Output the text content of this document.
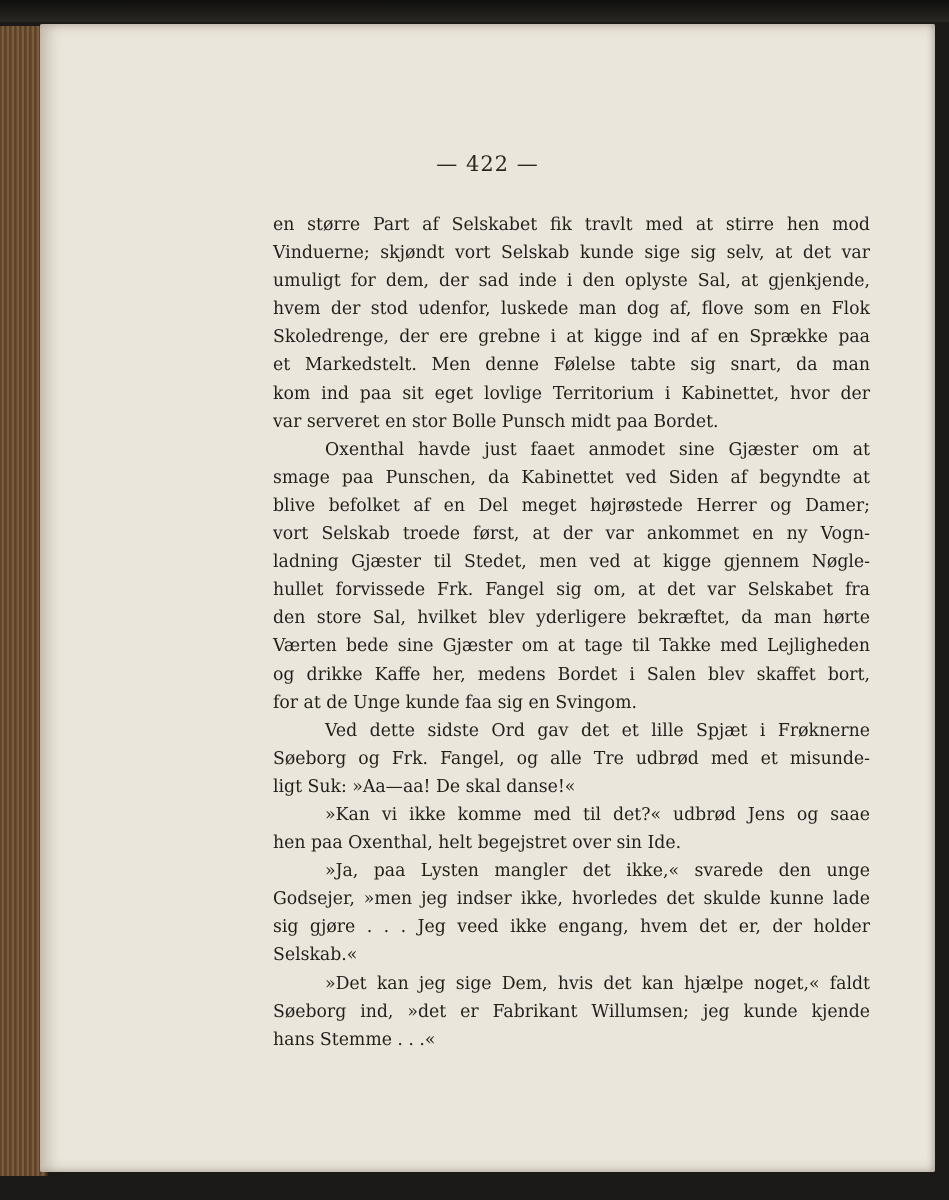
— 422 —
en større Part af Selskabet fik travlt med at stirre hen mod
Vinduerne; skjøndt vort Selskab kunde sige sig selv, at det var
umuligt for dem, der sad inde i den oplyste Sal, at gjenkjende,
hvem der stod udenfor, luskede man dog af, flove som en Flok
Skoledrenge, der ere grebne i at kigge ind af en Sprække paa
et Markedstelt. Men denne Følelse tabte sig snart, da man
kom ind paa sit eget lovlige Territorium i Kabinettet, hvor der
var serveret en stor Bolle Punsch midt paa Bordet.
Oxenthal havde just faaet anmodet sine Gjæster om at
smage paa Punschen, da Kabinettet ved Siden af begyndte at
blive befolket af en Del meget højrøstede Herrer og Damer;
vort Selskab troede først, at der var ankommet en ny Vogn-
ladning Gjæster til Stedet, men ved at kigge gjennem Nøgle-
hullet forvissede Frk. Fangel sig om, at det var Selskabet fra
den store Sal, hvilket blev yderligere bekræftet, da man hørte
Værten bede sine Gjæster om at tage til Takke med Lejligheden
og drikke Kaffe her, medens Bordet i Salen blev skaffet bort,
for at de Unge kunde faa sig en Svingom.
Ved dette sidste Ord gav det et lille Spjæt i Frøknerne
Søeborg og Frk. Fangel, og alle Tre udbrød med et misunde-
ligt Suk: »Aa—aa! De skal danse!«
»Kan vi ikke komme med til det?« udbrød Jens og saae
hen paa Oxenthal, helt begejstret over sin Ide.
»Ja, paa Lysten mangler det ikke,« svarede den unge
Godsejer, »men jeg indser ikke, hvorledes det skulde kunne lade
sig gjøre . . . Jeg veed ikke engang, hvem det er, der holder
Selskab.«
»Det kan jeg sige Dem, hvis det kan hjælpe noget,« faldt
Søeborg ind, »det er Fabrikant Willumsen; jeg kunde kjende
hans Stemme . . .«
